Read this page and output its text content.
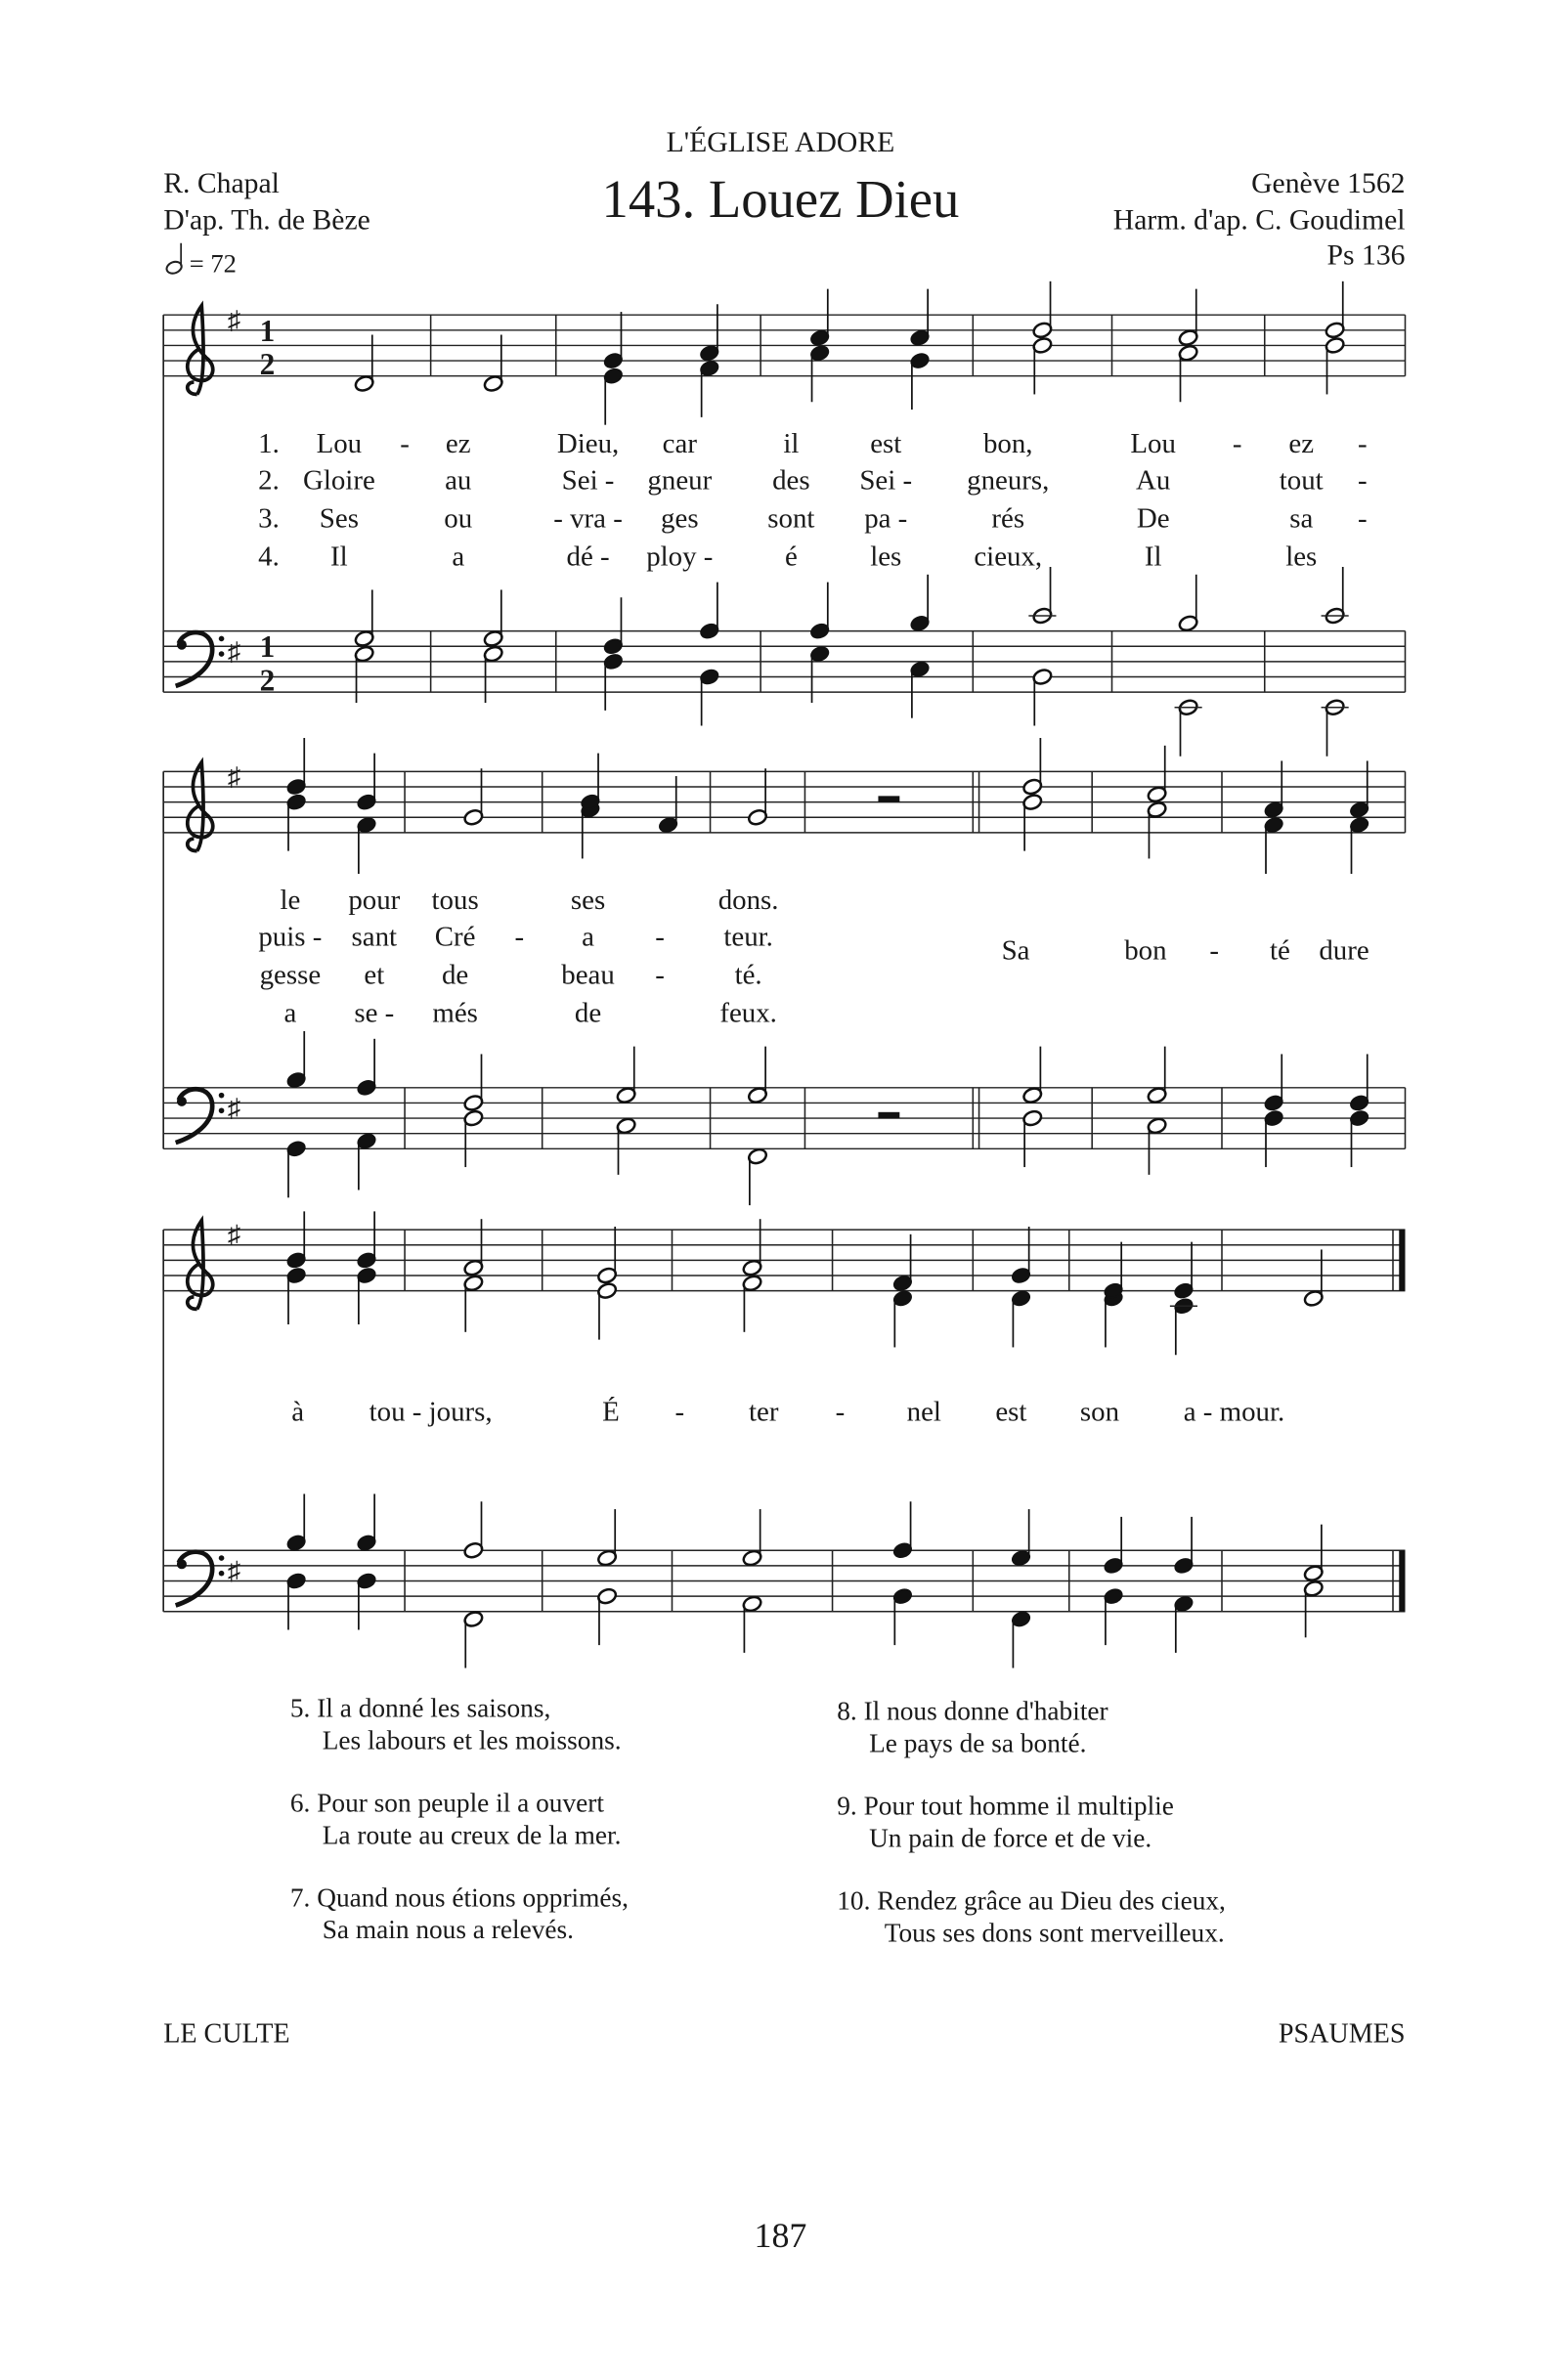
L'ÉGLISE ADORE
143. Louez Dieu
R. Chapal
D'ap. Th. de Bèze
= 72
Genève 1562
Harm. d'ap. C. Goudimel
Ps 136
♯ 1
2
♯ 1
2
♯
♯
♯
♯
1. Lou - ez	Dieu, car	il	est	bon,	Lou	-	ez -
2. Gloire	au	Sei - gneur	des	Sei -	gneurs,	Au	tout -
3. Ses	ou	- vra - ges	sont	pa -	rés	De	sa -
4.	Il	a	dé - ploy -	é	les	cieux,	Il	les
le	pour tous	ses	dons.
puis - sant Cré -	a	-	teur.
gesse et	de	beau -	té.
a	se - més	de	feux.
Sa	bon -	té dure
à	tou - jours,	É	-	ter	-	nel	est	son	a - mour.
5. Il a donné les saisons,
Les labours et les moissons.
6. Pour son peuple il a ouvert
La route au creux de la mer.
7. Quand nous étions opprimés,
Sa main nous a relevés.
8. Il nous donne d'habiter
Le pays de sa bonté.
9. Pour tout homme il multiplie
Un pain de force et de vie.
10. Rendez grâce au Dieu des cieux,
Tous ses dons sont merveilleux.
LE CULTE	PSAUMES
187
